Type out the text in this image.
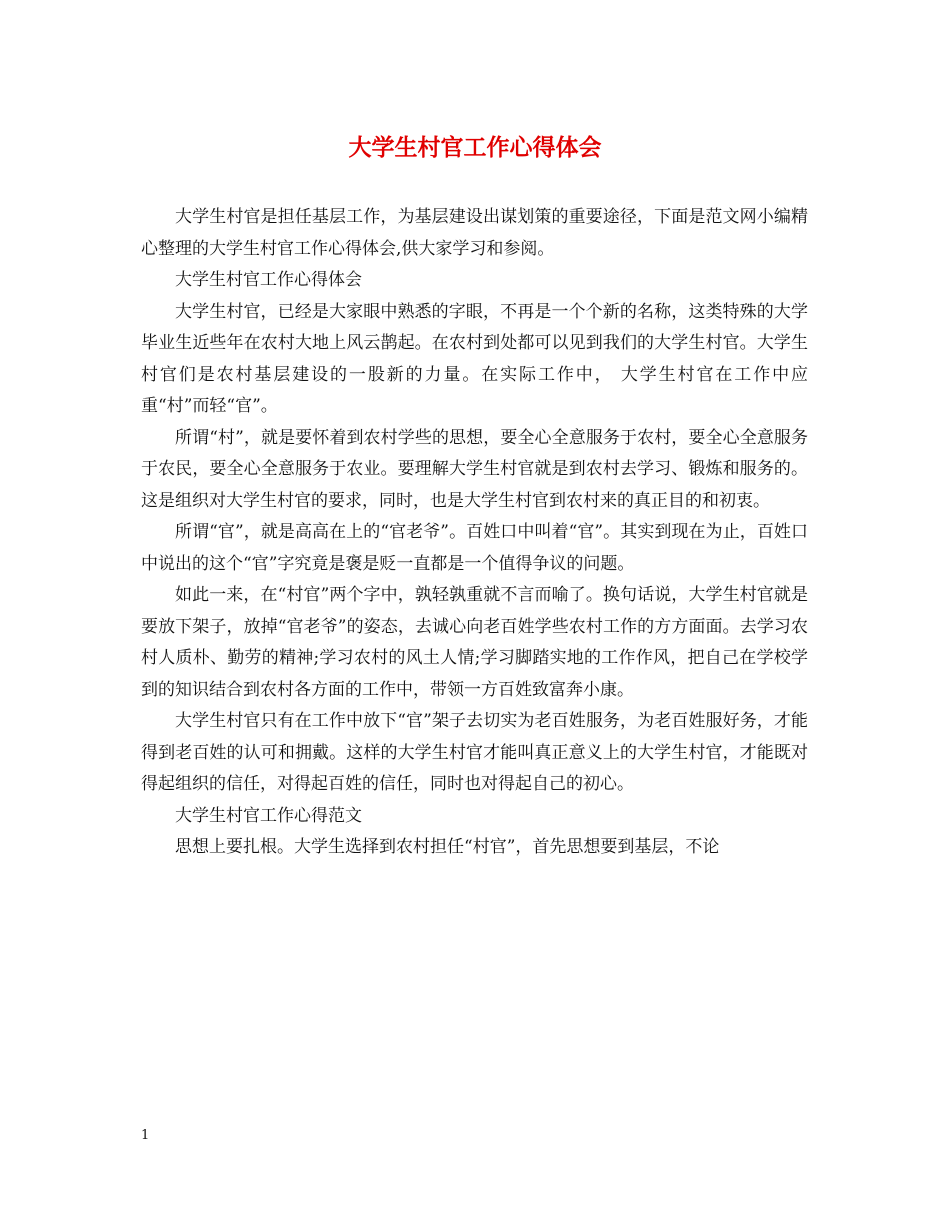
大学生村官工作心得体会

大学生村官是担任基层工作，为基层建设出谋划策的重要途径，下面是范文网小编精心整理的大学生村官工作心得体会,供大家学习和参阅。

大学生村官工作心得体会

大学生村官，已经是大家眼中熟悉的字眼，不再是一个个新的名称，这类特殊的大学毕业生近些年在农村大地上风云鹊起。在农村到处都可以见到我们的大学生村官。大学生村官们是农村基层建设的一股新的力量。在实际工作中， 大学生村官在工作中应重“村”而轻“官”。

所谓“村”，就是要怀着到农村学些的思想，要全心全意服务于农村，要全心全意服务于农民，要全心全意服务于农业。要理解大学生村官就是到农村去学习、锻炼和服务的。这是组织对大学生村官的要求，同时，也是大学生村官到农村来的真正目的和初衷。

所谓“官”，就是高高在上的“官老爷”。百姓口中叫着“官”。其实到现在为止，百姓口中说出的这个“官”字究竟是褒是贬一直都是一个值得争议的问题。

如此一来，在“村官”两个字中，孰轻孰重就不言而喻了。换句话说，大学生村官就是要放下架子，放掉“官老爷”的姿态，去诚心向老百姓学些农村工作的方方面面。去学习农村人质朴、勤劳的精神;学习农村的风土人情;学习脚踏实地的工作作风，把自己在学校学到的知识结合到农村各方面的工作中，带领一方百姓致富奔小康。

大学生村官只有在工作中放下“官”架子去切实为老百姓服务，为老百姓服好务，才能得到老百姓的认可和拥戴。这样的大学生村官才能叫真正意义上的大学生村官，才能既对得起组织的信任，对得起百姓的信任，同时也对得起自己的初心。

大学生村官工作心得范文

思想上要扎根。大学生选择到农村担任“村官”，首先思想要到基层，不论

1
